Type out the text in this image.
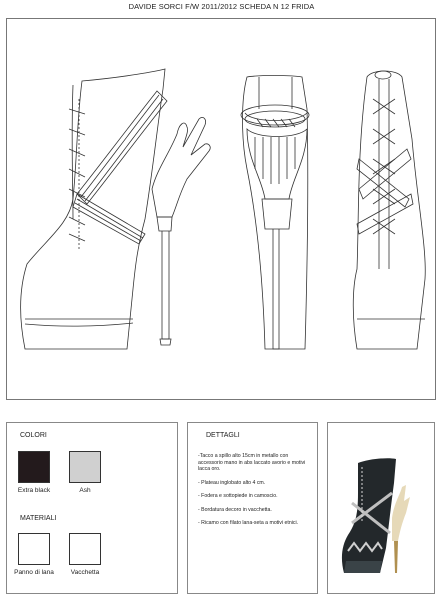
DAVIDE SORCI F/W 2011/2012 SCHEDA N 12 FRIDA
COLORI
Extra black	Ash
MATERIALI
Panno di lana	Vacchetta
DETTAGLI

-Tacco a spillo alto 15cm in metallo con accessorio mano in abs laccato avorio e motivi lacca oro.

- Plateau inglobato alto 4 cm.

- Fodera e sottopiede in camoscio.

- Bordatura decoro in vacchetta.

- Ricamo con filato lana-seta a motivi etnici.
